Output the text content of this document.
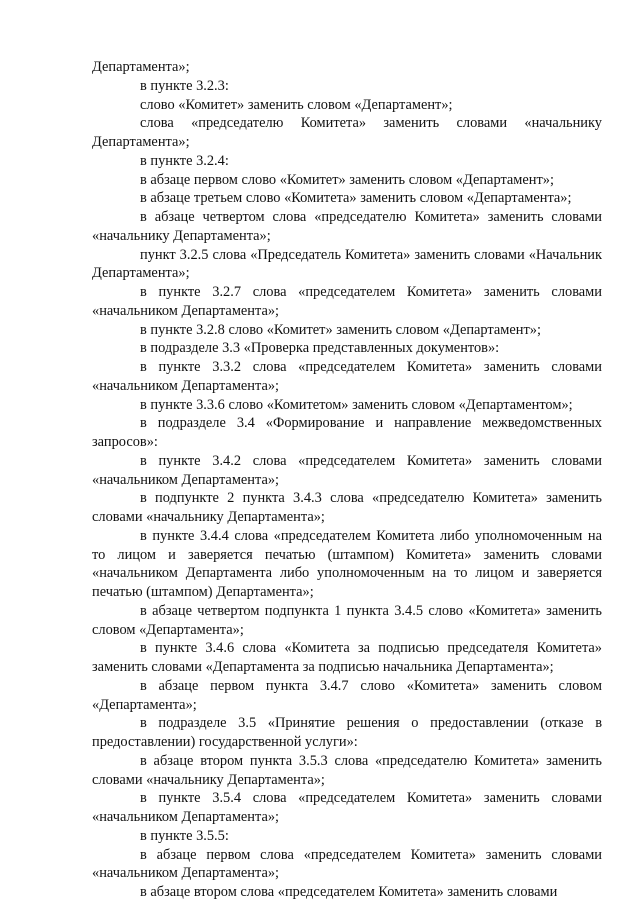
Департамента»;

в пункте 3.2.3:

слово «Комитет» заменить словом «Департамент»;

слова «председателю Комитета» заменить словами «начальнику Департамента»;

в пункте 3.2.4:

в абзаце первом слово «Комитет» заменить словом «Департамент»;

в абзаце третьем слово «Комитета» заменить словом «Департамента»;

в абзаце четвертом слова «председателю Комитета» заменить словами «начальнику Департамента»;

пункт 3.2.5 слова «Председатель Комитета» заменить словами «Начальник Департамента»;

в пункте 3.2.7 слова «председателем Комитета» заменить словами «начальником Департамента»;

в пункте 3.2.8 слово «Комитет» заменить словом «Департамент»;

в подразделе 3.3 «Проверка представленных документов»:

в пункте 3.3.2 слова «председателем Комитета» заменить словами «начальником Департамента»;

в пункте 3.3.6 слово «Комитетом» заменить словом «Департаментом»;

в подразделе 3.4 «Формирование и направление межведомственных запросов»:

в пункте 3.4.2 слова «председателем Комитета» заменить словами «начальником Департамента»;

в подпункте 2 пункта 3.4.3 слова «председателю Комитета» заменить словами «начальнику Департамента»;

в пункте 3.4.4 слова «председателем Комитета либо уполномоченным на то лицом и заверяется печатью (штампом) Комитета» заменить словами «начальником Департамента либо уполномоченным на то лицом и заверяется печатью (штампом) Департамента»;

в абзаце четвертом подпункта 1 пункта 3.4.5 слово «Комитета» заменить словом «Департамента»;

в пункте 3.4.6 слова «Комитета за подписью председателя Комитета» заменить словами «Департамента за подписью начальника Департамента»;

в абзаце первом пункта 3.4.7 слово «Комитета» заменить словом «Департамента»;

в подразделе 3.5 «Принятие решения о предоставлении (отказе в предоставлении) государственной услуги»:

в абзаце втором пункта 3.5.3 слова «председателю Комитета» заменить словами «начальнику Департамента»;

в пункте 3.5.4 слова «председателем Комитета» заменить словами «начальником Департамента»;

в пункте 3.5.5:

в абзаце первом слова «председателем Комитета» заменить словами «начальником Департамента»;

в абзаце втором слова «председателем Комитета» заменить словами
